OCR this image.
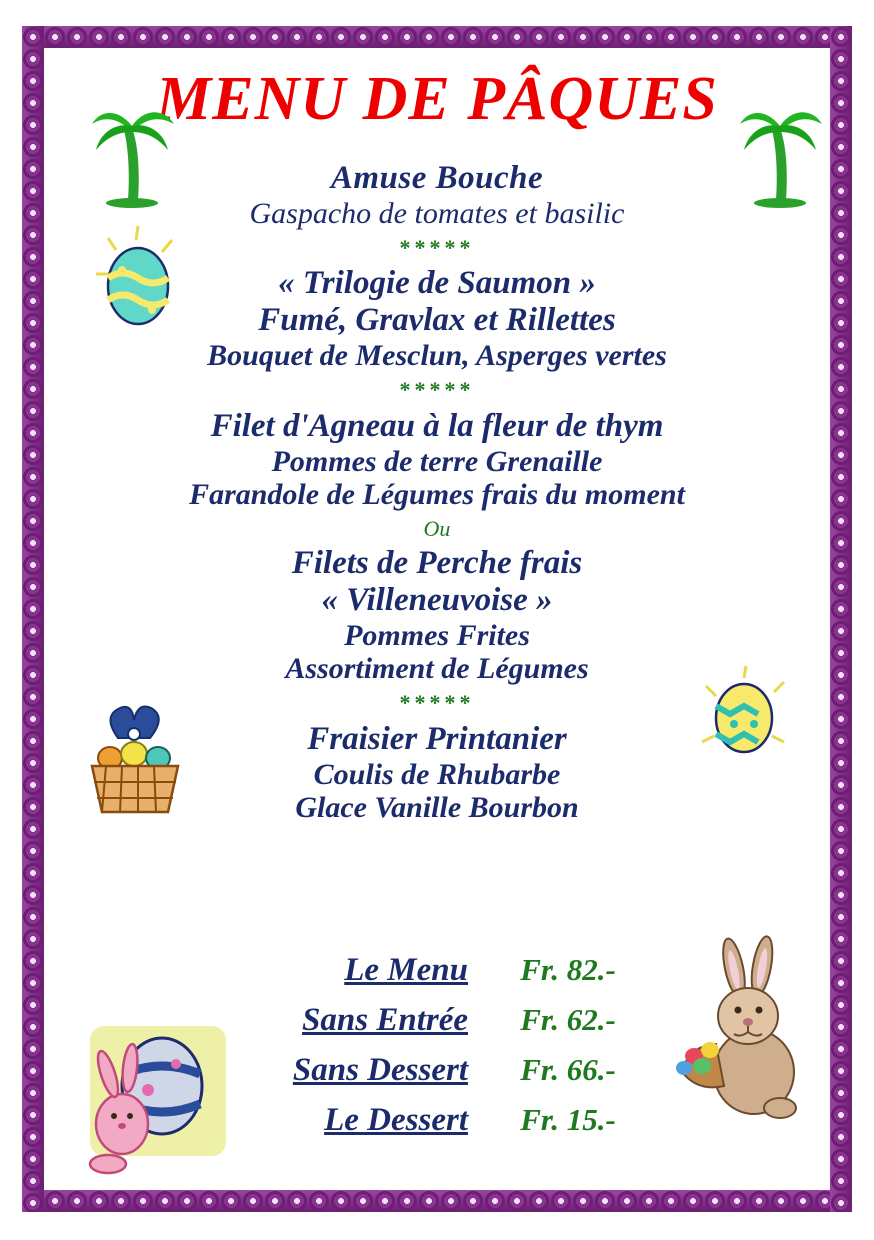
MENU DE PÂQUES
Amuse Bouche
Gaspacho de tomates et basilic
*****
« Trilogie de Saumon »
Fumé, Gravlax et Rillettes
Bouquet de Mesclun, Asperges vertes
*****
Filet d'Agneau à la fleur de thym
Pommes de terre Grenaille
Farandole de Légumes frais du moment
Ou
Filets de Perche frais
« Villeneuvoise »
Pommes Frites
Assortiment de Légumes
*****
Fraisier Printanier
Coulis de Rhubarbe
Glace Vanille Bourbon
Le Menu	Fr. 82.-
Sans Entrée	Fr. 62.-
Sans Dessert	Fr. 66.-
Le Dessert	Fr. 15.-
